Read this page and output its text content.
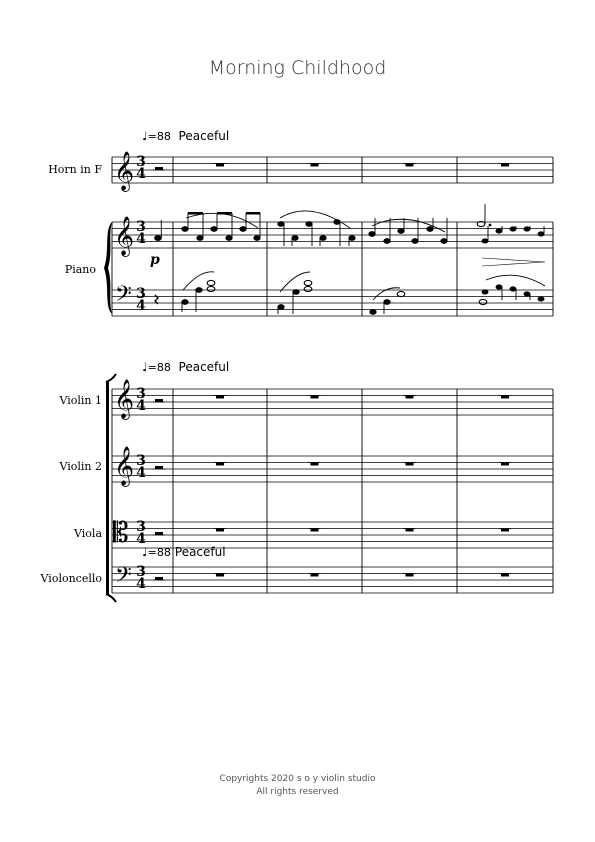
Morning Childhood
♩=88 Peaceful
♩=88 Peaceful
♩=88 Peaceful
Horn in F
Piano
Violin 1
Violin 2
Viola
Violoncello
𝄞
𝄞
𝄢
𝄞
𝄞
𝄡
𝄢
3
4
3
4
3
4
3
4
3
4
3
4
3
4
p
Copyrights 2020 s o y violin studio
All rights reserved
